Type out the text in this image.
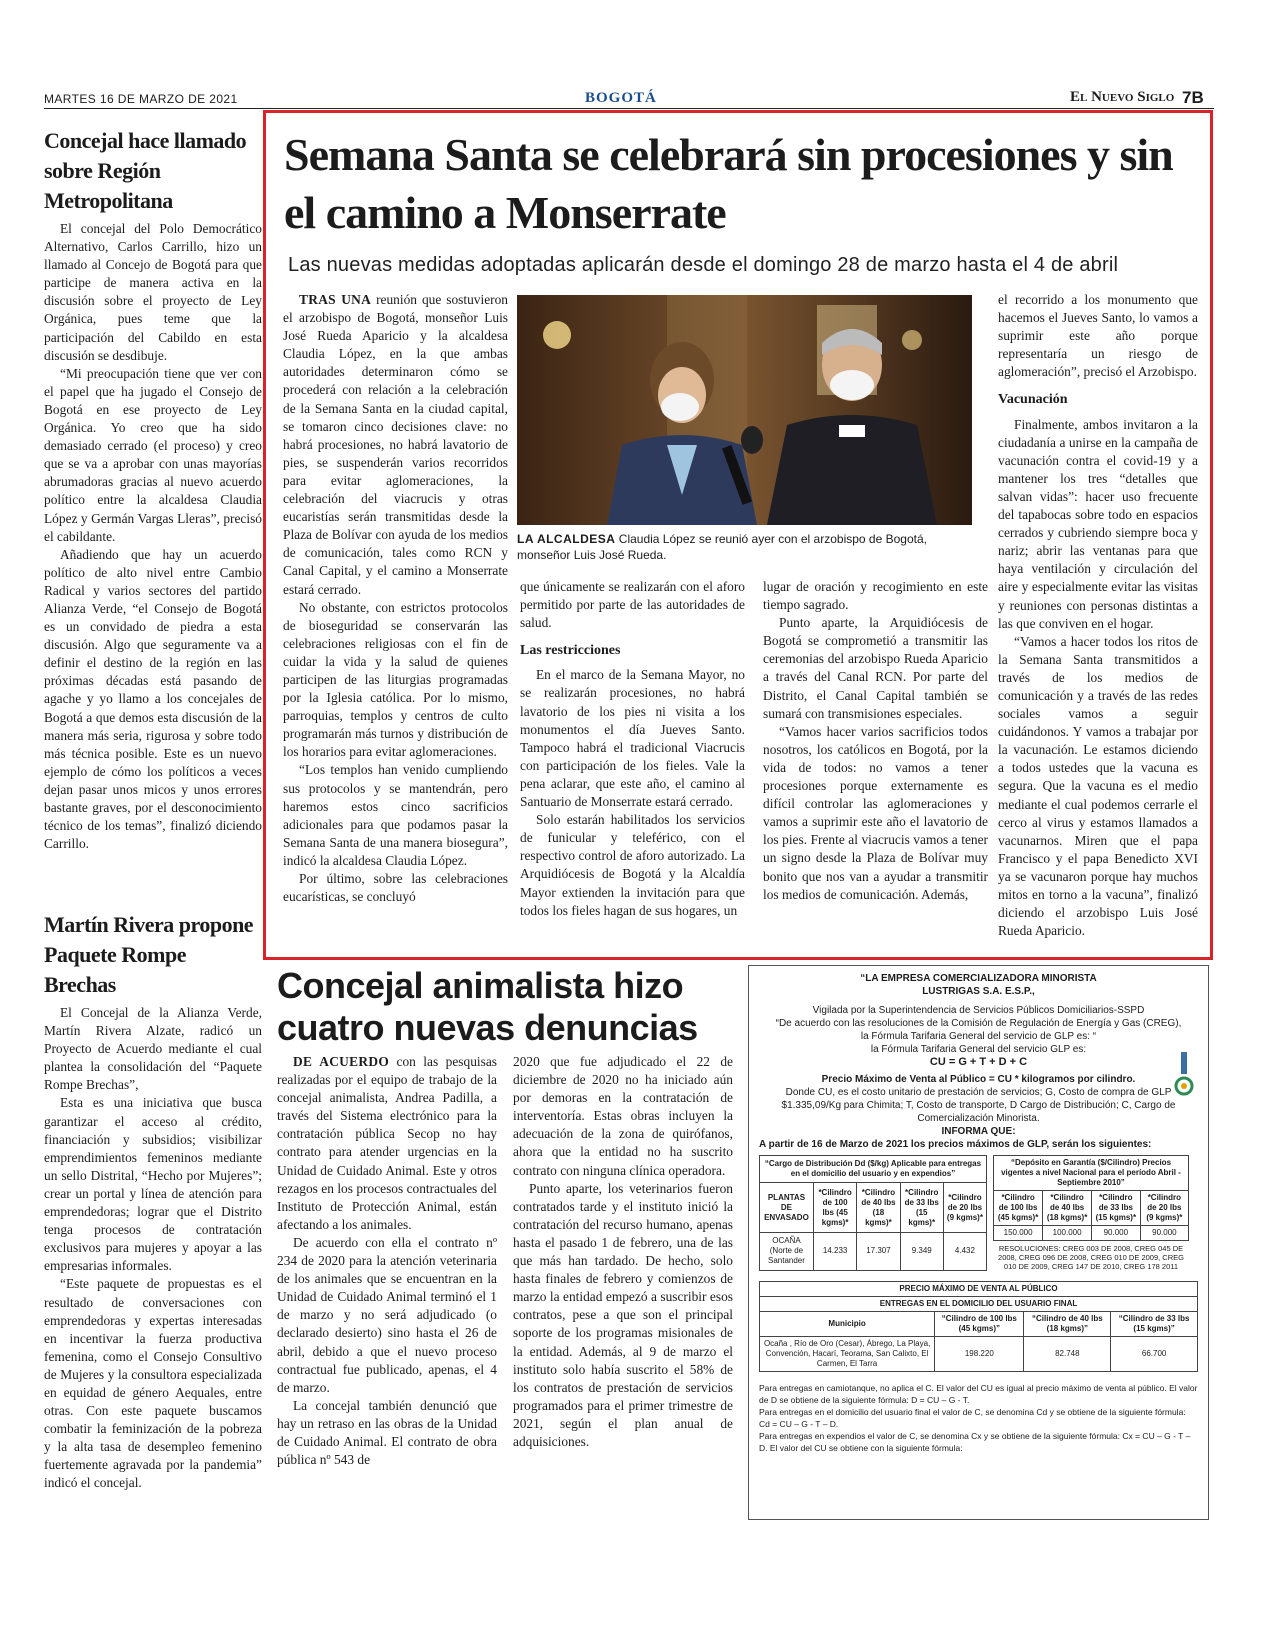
MARTES 16 DE MARZO DE 2021	BOGOTÁ	El Nuevo Siglo 7B
Concejal hace llamado sobre Región Metropolitana

El concejal del Polo Democrático Alternativo, Carlos Carrillo, hizo un llamado al Concejo de Bogotá para que participe de manera activa en la discusión sobre el proyecto de Ley Orgánica, pues teme que la participación del Cabildo en esta discusión se desdibuje.

“Mi preocupación tiene que ver con el papel que ha jugado el Consejo de Bogotá en ese proyecto de Ley Orgánica. Yo creo que ha sido demasiado cerrado (el proceso) y creo que se va a aprobar con unas mayorías abrumadoras gracias al nuevo acuerdo político entre la alcaldesa Claudia López y Germán Vargas Lleras”, precisó el cabildante.

Añadiendo que hay un acuerdo político de alto nivel entre Cambio Radical y varios sectores del partido Alianza Verde, “el Consejo de Bogotá es un convidado de piedra a esta discusión. Algo que seguramente va a definir el destino de la región en las próximas décadas está pasando de agache y yo llamo a los concejales de Bogotá a que demos esta discusión de la manera más seria, rigurosa y sobre todo más técnica posible. Este es un nuevo ejemplo de cómo los políticos a veces dejan pasar unos micos y unos errores bastante graves, por el desconocimiento técnico de los temas”, finalizó diciendo Carrillo.

Martín Rivera propone Paquete Rompe Brechas

El Concejal de la Alianza Verde, Martín Rivera Alzate, radicó un Proyecto de Acuerdo mediante el cual plantea la consolidación del “Paquete Rompe Brechas”,

Esta es una iniciativa que busca garantizar el acceso al crédito, financiación y subsidios; visibilizar emprendimientos femeninos mediante un sello Distrital, “Hecho por Mujeres”; crear un portal y línea de atención para emprendedoras; lograr que el Distrito tenga procesos de contratación exclusivos para mujeres y apoyar a las empresarias informales.

“Este paquete de propuestas es el resultado de conversaciones con emprendedoras y expertas interesadas en incentivar la fuerza productiva femenina, como el Consejo Consultivo de Mujeres y la consultora especializada en equidad de género Aequales, entre otras. Con este paquete buscamos combatir la feminización de la pobreza y la alta tasa de desempleo femenino fuertemente agravada por la pandemia” indicó el concejal.

Semana Santa se celebrará sin procesiones y sin el camino a Monserrate
Las nuevas medidas adoptadas aplicarán desde el domingo 28 de marzo hasta el 4 de abril

TRAS UNA reunión que sostuvieron el arzobispo de Bogotá, monseñor Luis José Rueda Aparicio y la alcaldesa Claudia López, en la que ambas autoridades determinaron cómo se procederá con relación a la celebración de la Semana Santa en la ciudad capital, se tomaron cinco decisiones clave: no habrá procesiones, no habrá lavatorio de pies, se suspenderán varios recorridos para evitar aglomeraciones, la celebración del viacrucis y otras eucaristías serán transmitidas desde la Plaza de Bolívar con ayuda de los medios de comunicación, tales como RCN y Canal Capital, y el camino a Monserrate estará cerrado.

No obstante, con estrictos protocolos de bioseguridad se conservarán las celebraciones religiosas con el fin de cuidar la vida y la salud de quienes participen de las liturgias programadas por la Iglesia católica. Por lo mismo, parroquias, templos y centros de culto programarán más turnos y distribución de los horarios para evitar aglomeraciones.

“Los templos han venido cumpliendo sus protocolos y se mantendrán, pero haremos estos cinco sacrificios adicionales para que podamos pasar la Semana Santa de una manera biosegura”, indicó la alcaldesa Claudia López.

Por último, sobre las celebraciones eucarísticas, se concluyó

LA ALCALDESA Claudia López se reunió ayer con el arzobispo de Bogotá, monseñor Luis José Rueda.

que únicamente se realizarán con el aforo permitido por parte de las autoridades de salud.

Las restricciones

En el marco de la Semana Mayor, no se realizarán procesiones, no habrá lavatorio de los pies ni visita a los monumentos el día Jueves Santo. Tampoco habrá el tradicional Viacrucis con participación de los fieles. Vale la pena aclarar, que este año, el camino al Santuario de Monserrate estará cerrado.

Solo estarán habilitados los servicios de funicular y teleférico, con el respectivo control de aforo autorizado. La Arquidiócesis de Bogotá y la Alcaldía Mayor extienden la invitación para que todos los fieles hagan de sus hogares, un

lugar de oración y recogimiento en este tiempo sagrado.

Punto aparte, la Arquidiócesis de Bogotá se comprometió a transmitir las ceremonias del arzobispo Rueda Aparicio a través del Canal RCN. Por parte del Distrito, el Canal Capital también se sumará con transmisiones especiales.

“Vamos hacer varios sacrificios todos nosotros, los católicos en Bogotá, por la vida de todos: no vamos a tener procesiones porque externamente es difícil controlar las aglomeraciones y vamos a suprimir este año el lavatorio de los pies. Frente al viacrucis vamos a tener un signo desde la Plaza de Bolívar muy bonito que nos van a ayudar a transmitir los medios de comunicación. Además,

el recorrido a los monumento que hacemos el Jueves Santo, lo vamos a suprimir este año porque representaría un riesgo de aglomeración”, precisó el Arzobispo.

Vacunación

Finalmente, ambos invitaron a la ciudadanía a unirse en la campaña de vacunación contra el covid-19 y a mantener los tres “detalles que salvan vidas”: hacer uso frecuente del tapabocas sobre todo en espacios cerrados y cubriendo siempre boca y nariz; abrir las ventanas para que haya ventilación y circulación del aire y especialmente evitar las visitas y reuniones con personas distintas a las que conviven en el hogar.

“Vamos a hacer todos los ritos de la Semana Santa transmitidos a través de los medios de comunicación y a través de las redes sociales vamos a seguir cuidándonos. Y vamos a trabajar por la vacunación. Le estamos diciendo a todos ustedes que la vacuna es segura. Que la vacuna es el medio mediante el cual podemos cerrarle el cerco al virus y estamos llamados a vacunarnos. Miren que el papa Francisco y el papa Benedicto XVI ya se vacunaron porque hay muchos mitos en torno a la vacuna”, finalizó diciendo el arzobispo Luis José Rueda Aparicio.

Concejal animalista hizo cuatro nuevas denuncias

DE ACUERDO con las pesquisas realizadas por el equipo de trabajo de la concejal animalista, Andrea Padilla, a través del Sistema electrónico para la contratación pública Secop no hay contrato para atender urgencias en la Unidad de Cuidado Animal. Este y otros rezagos en los procesos contractuales del Instituto de Protección Animal, están afectando a los animales.

De acuerdo con ella el contrato nº 234 de 2020 para la atención veterinaria de los animales que se encuentran en la Unidad de Cuidado Animal terminó el 1 de marzo y no será adjudicado (o declarado desierto) sino hasta el 26 de abril, debido a que el nuevo proceso contractual fue publicado, apenas, el 4 de marzo.

La concejal también denunció que hay un retraso en las obras de la Unidad de Cuidado Animal. El contrato de obra pública nº 543 de

2020 que fue adjudicado el 22 de diciembre de 2020 no ha iniciado aún por demoras en la contratación de interventoría. Estas obras incluyen la adecuación de la zona de quirófanos, ahora que la entidad no ha suscrito contrato con ninguna clínica operadora.

Punto aparte, los veterinarios fueron contratados tarde y el instituto inició la contratación del recurso humano, apenas hasta el pasado 1 de febrero, una de las que más han tardado. De hecho, solo hasta finales de febrero y comienzos de marzo la entidad empezó a suscribir esos contratos, pese a que son el principal soporte de los programas misionales de la entidad. Además, al 9 de marzo el instituto solo había suscrito el 58% de los contratos de prestación de servicios programados para el primer trimestre de 2021, según el plan anual de adquisiciones.

“LA EMPRESA COMERCIALIZADORA MINORISTA
LUSTRIGAS S.A. E.S.P.,
Vigilada por la Superintendencia de Servicios Públicos Domiciliarios-SSPD
“De acuerdo con las resoluciones de la Comisión de Regulación de Energía y Gas (CREG),
la Fórmula Tarifaria General del servicio de GLP es: “
la Fórmula Tarifaria General del servicio GLP es:
CU = G + T + D + C
Precio Máximo de Venta al Público = CU * kilogramos por cilindro.
Donde CU, es el costo unitario de prestación de servicios; G, Costo de compra de GLP $1.335,09/Kg para Chimita; T, Costo de transporte, D Cargo de Distribución; C, Cargo de Comercialización Minorista.
INFORMA QUE:
A partir de 16 de Marzo de 2021 los precios máximos de GLP, serán los siguientes:
“Cargo de Distribución Dd ($/kg) Aplicable para entregas en el domicilio del usuario y en expendios”				
PLANTAS DE ENVASADO	*Cilindro de 100 lbs (45 kgms)*	*Cilindro de 40 lbs (18 kgms)*	*Cilindro de 33 lbs (15 kgms)*	*Cilindro de 20 lbs (9 kgms)*
OCAÑA (Norte de Santander	14.233	17.307	9.349	4.432
“Depósito en Garantía ($/Cilindro) Precios vigentes a nivel Nacional para el período Abril - Septiembre 2010”			
*Cilindro de 100 lbs (45 kgms)*	*Cilindro de 40 lbs (18 kgms)*	*Cilindro de 33 lbs (15 kgms)*	*Cilindro de 20 lbs (9 kgms)*
150.000	100.000	90.000	90.000
RESOLUCIONES: CREG 003 DE 2008, CREG 045 DE 2008, CREG 096 DE 2008, CREG 010 DE 2009, CREG 010 DE 2009, CREG 147 DE 2010, CREG 178 2011
PRECIO MÁXIMO DE VENTA AL PÚBLICO			
ENTREGAS EN EL DOMICILIO DEL USUARIO FINAL			
Municipio	“Cilindro de 100 lbs (45 kgms)”	“Cilindro de 40 lbs (18 kgms)”	“Cilindro de 33 lbs (15 kgms)”
Ocaña , Río de Oro (Cesar), Ábrego, La Playa, Convención, Hacarí, Teorama, San Calixto, El Carmen, El Tarra	198.220	82.748	66.700
Para entregas en camiotanque, no aplica el C. El valor del CU es igual al precio máximo de venta al público. El valor de D se obtiene de la siguiente fórmula: D = CU – G - T.
Para entregas en el domicilio del usuario final el valor de C, se denomina Cd y se obtiene de la siguiente fórmula: Cd = CU – G - T – D.
Para entregas en expendios el valor de C, se denomina Cx y se obtiene de la siguiente fórmula: Cx = CU – G - T – D. El valor del CU se obtiene con la siguiente fórmula:
